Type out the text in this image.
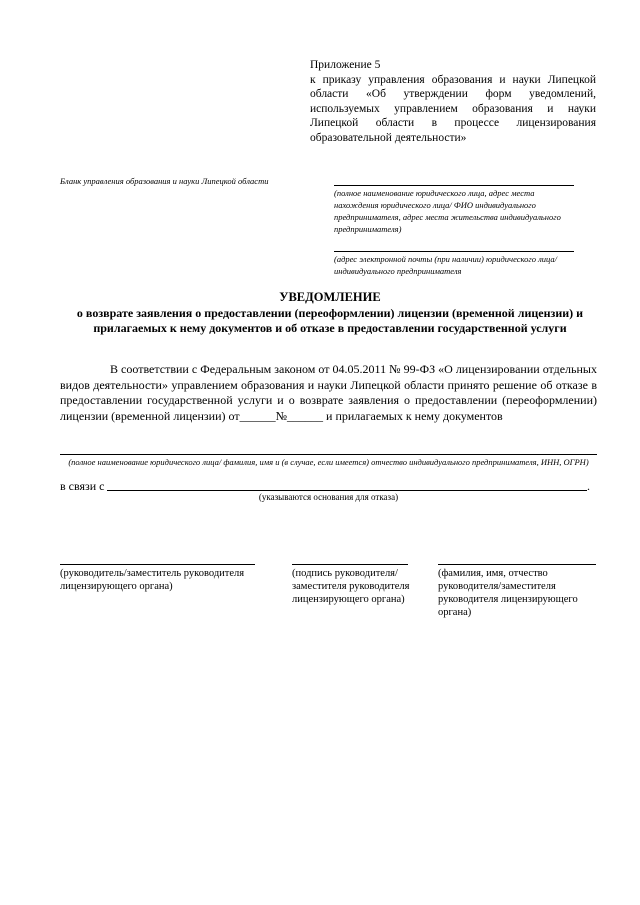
Приложение 5
к приказу управления образования и науки Липецкой области «Об утверждении форм уведомлений, используемых управлением образования и науки Липецкой области в процессе лицензирования образовательной деятельности»
Бланк управления образования и науки Липецкой области
(полное наименование юридического лица, адрес места нахождения юридического лица/ ФИО индивидуального предпринимателя, адрес места жительства индивидуального предпринимателя)
(адрес электронной почты (при наличии) юридического лица/индивидуального предпринимателя
УВЕДОМЛЕНИЕ
о возврате заявления о предоставлении (переоформлении) лицензии (временной лицензии) и прилагаемых к нему документов и об отказе в предоставлении государственной услуги
В соответствии с Федеральным законом от 04.05.2011 № 99-ФЗ «О лицензировании отдельных видов деятельности» управлением образования и науки Липецкой области принято решение об отказе в предоставлении государственной услуги и о возврате заявления о предоставлении (переоформлении) лицензии (временной лицензии) от______№______ и прилагаемых к нему документов
(полное наименование юридического лица/ фамилия, имя и (в случае, если имеется) отчество индивидуального предпринимателя, ИНН, ОГРН)
в связи с	.
(указываются основания для отказа)
(руководитель/заместитель руководителя лицензирующего органа)
(подпись руководителя/заместителя руководителя лицензирующего органа)
(фамилия, имя, отчество руководителя/заместителя руководителя лицензирующего органа)
